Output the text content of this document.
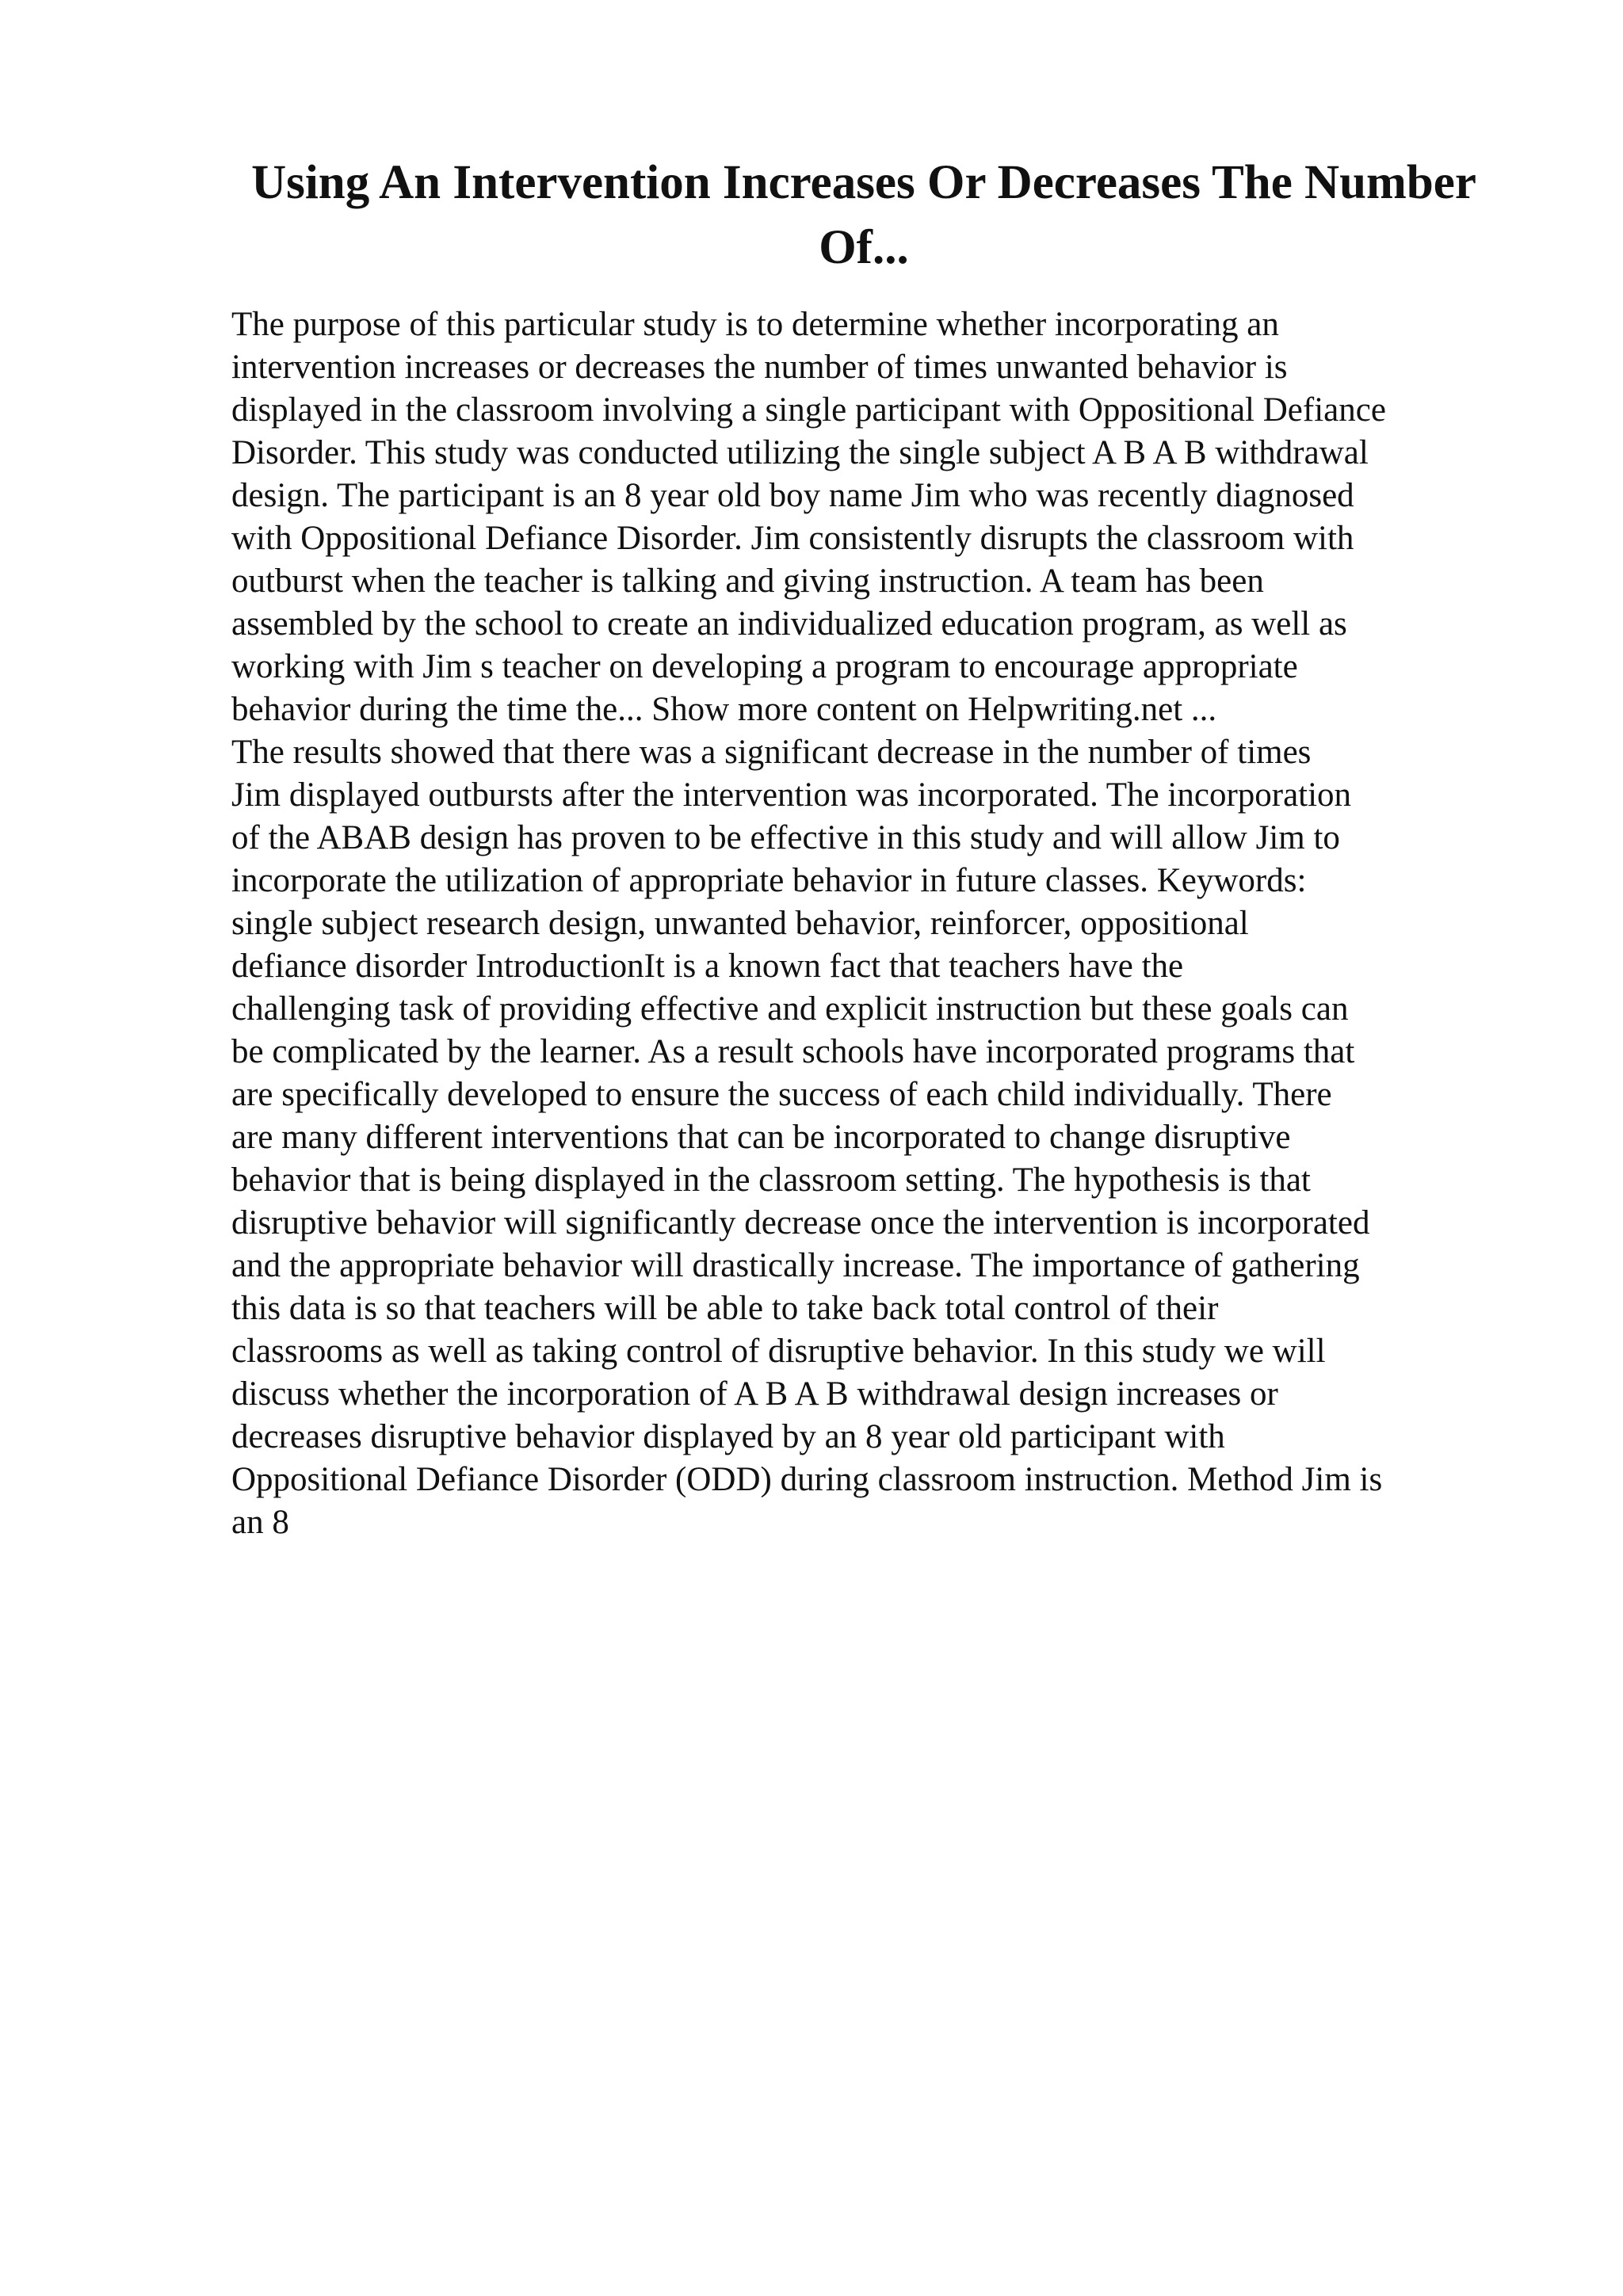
Using An Intervention Increases Or Decreases The Number
Of...
The purpose of this particular study is to determine whether incorporating an
intervention increases or decreases the number of times unwanted behavior is
displayed in the classroom involving a single participant with Oppositional Defiance
Disorder. This study was conducted utilizing the single subject A B A B withdrawal
design. The participant is an 8 year old boy name Jim who was recently diagnosed
with Oppositional Defiance Disorder. Jim consistently disrupts the classroom with
outburst when the teacher is talking and giving instruction. A team has been
assembled by the school to create an individualized education program, as well as
working with Jim s teacher on developing a program to encourage appropriate
behavior during the time the... Show more content on Helpwriting.net ...
The results showed that there was a significant decrease in the number of times
Jim displayed outbursts after the intervention was incorporated. The incorporation
of the ABAB design has proven to be effective in this study and will allow Jim to
incorporate the utilization of appropriate behavior in future classes. Keywords:
single subject research design, unwanted behavior, reinforcer, oppositional
defiance disorder IntroductionIt is a known fact that teachers have the
challenging task of providing effective and explicit instruction but these goals can
be complicated by the learner. As a result schools have incorporated programs that
are specifically developed to ensure the success of each child individually. There
are many different interventions that can be incorporated to change disruptive
behavior that is being displayed in the classroom setting. The hypothesis is that
disruptive behavior will significantly decrease once the intervention is incorporated
and the appropriate behavior will drastically increase. The importance of gathering
this data is so that teachers will be able to take back total control of their
classrooms as well as taking control of disruptive behavior. In this study we will
discuss whether the incorporation of A B A B withdrawal design increases or
decreases disruptive behavior displayed by an 8 year old participant with
Oppositional Defiance Disorder (ODD) during classroom instruction. Method Jim is
an 8
